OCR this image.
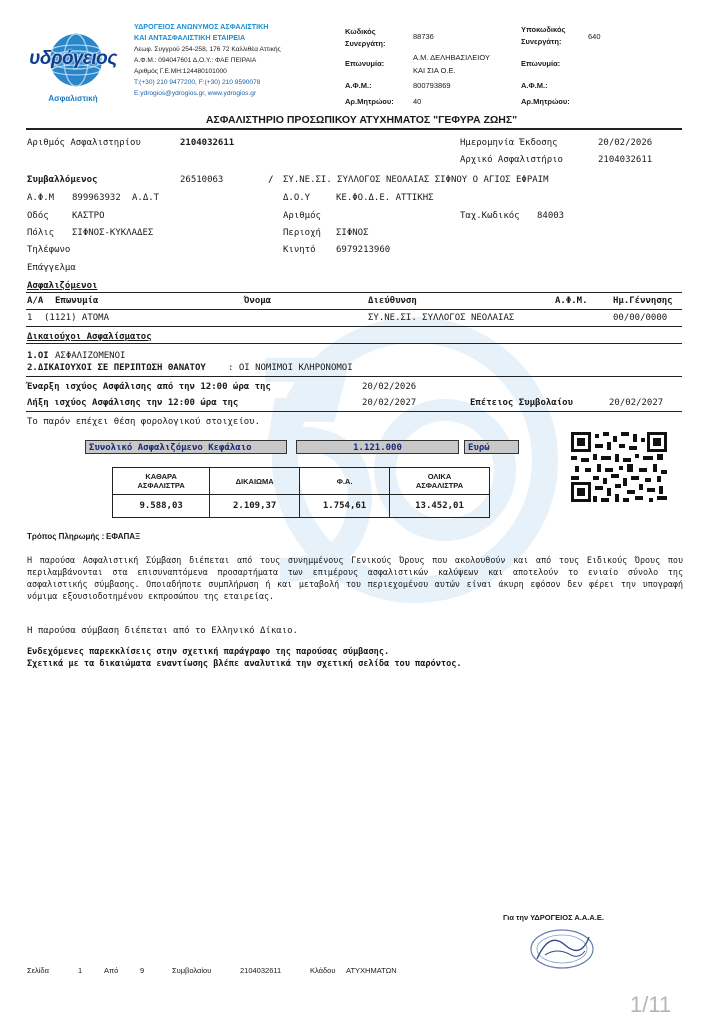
υδρόγειος
Ασφαλιστική
ΥΔΡΟΓΕΙΟΣ ΑΝΩΝΥΜΟΣ ΑΣΦΑΛΙΣΤΙΚΗ
ΚΑΙ ΑΝΤΑΣΦΑΛΙΣΤΙΚΗ ΕΤΑΙΡΕΙΑ
Λεωφ. Συγγρού 254-258, 176 72 Καλλιθέα Αττικής
Α.Φ.Μ.: 094047601 Δ.Ο.Υ.: ΦΑΕ ΠΕΙΡΑΙΑ
Αριθμός Γ.Ε.ΜΗ:124480101000
T:(+30) 210 9477200, F:(+30) 210 9590078
E:ydrogios@ydrogios.gr, www.ydrogios.gr
Κωδικός Συνεργάτη:
88736
Επωνυμία:
Α.Μ. ΔΕΛΗΒΑΣΙΛΕΙΟΥ
ΚΑΙ ΣΙΑ Ο.Ε.
Α.Φ.Μ.:	800793869
Αρ.Μητρώου:	40
Υποκωδικός Συνεργάτη:
640
Επωνυμία:
Α.Φ.Μ.:
Αρ.Μητρώου:
ΑΣΦΑΛΙΣΤΗΡΙΟ ΠΡΟΣΩΠΙΚΟΥ ΑΤΥΧΗΜΑΤΟΣ "ΓΕΦΥΡΑ ΖΩΗΣ"
Αριθμός Ασφαλιστηρίου	2104032611	Ημερομηνία Έκδοσης	20/02/2026
Αρχικό Ασφαλιστήριο	2104032611
Συμβαλλόμενος	26510063	/ ΣΥ.ΝΕ.ΣΙ. ΣΥΛΛΟΓΟΣ ΝΕΟΛΑΙΑΣ ΣΙΦΝΟΥ Ο ΑΓΙΟΣ ΕΦΡΑΙΜ
Α.Φ.Μ 899963932 Α.Δ.Τ	Δ.Ο.Υ	ΚΕ.ΦΟ.Δ.Ε. ΑΤΤΙΚΗΣ
Οδός	ΚΑΣΤΡΟ	Αριθμός	Ταχ.Κωδικός 84003
Πόλις ΣΙΦΝΟΣ-ΚΥΚΛΑΔΕΣ	Περιοχή ΣΙΦΝΟΣ
Τηλέφωνο	Κινητό 6979213960
Επάγγελμα
Ασφαλιζόμενοι
Α/Α Επωνυμία	Όνομα	Διεύθυνση	Α.Φ.Μ.	Ημ.Γέννησης
1 (1121) ΑΤΟΜΑ	ΣΥ.ΝΕ.ΣΙ. ΣΥΛΛΟΓΟΣ ΝΕΟΛΑΙΑΣ	00/00/0000
Δικαιούχοι Ασφαλίσματος
1.ΟΙ ΑΣΦΑΛΙΖΟΜΕΝΟΙ
2.ΔΙΚΑΙΟΥΧΟΙ ΣΕ ΠΕΡΙΠΤΩΣΗ ΘΑΝΑΤΟΥ : ΟΙ ΝΟΜΙΜΟΙ ΚΛΗΡΟΝΟΜΟΙ
Έναρξη ισχύος Ασφάλισης από την 12:00 ώρα της	20/02/2026
Λήξη ισχύος Ασφάλισης την 12:00 ώρα της	20/02/2027	Επέτειος Συμβολαίου	20/02/2027
Το παρόν επέχει θέση φορολογικού στοιχείου.
Συνολικό Ασφαλιζόμενο Κεφάλαιο	1.121.000	Ευρώ
ΚΑΘΑΡΑ
ΑΣΦΑΛΙΣΤΡΑ	ΔΙΚΑΙΩΜΑ	Φ.Α.	ΟΛΙΚΑ
ΑΣΦΑΛΙΣΤΡΑ
9.588,03	2.109,37	1.754,61	13.452,01
Τρόπος Πληρωμής : ΕΦΑΠΑΞ
Η παρούσα Ασφαλιστική Σύμβαση διέπεται από τους συνημμένους Γενικούς Όρους που ακολουθούν και από τους Ειδικούς Όρους που περιλαμβάνονται στα επισυναπτόμενα προσαρτήματα των επιμέρους ασφαλιστικών καλύψεων και αποτελούν το ενιαίο σύνολο της ασφαλιστικής σύμβασης. Οποιαδήποτε συμπλήρωση ή και μεταβολή του περιεχομένου αυτών είναι άκυρη εφόσον δεν φέρει την υπογραφή νόμιμα εξουσιοδοτημένου εκπροσώπου της εταιρείας.
Η παρούσα σύμβαση διέπεται από το Ελληνικό Δίκαιο.
Ενδεχόμενες παρεκκλίσεις στην σχετική παράγραφο της παρούσας σύμβασης.
Σχετικά με τα δικαιώματα εναντίωσης βλέπε αναλυτικά την σχετική σελίδα του παρόντος.
Για την ΥΔΡΟΓΕΙΟΣ Α.Α.Α.Ε.
Σελίδα	1	Από	9	Συμβολαίου	2104032611	Κλάδου ΑΤΥΧΗΜΑΤΩΝ
1/11
